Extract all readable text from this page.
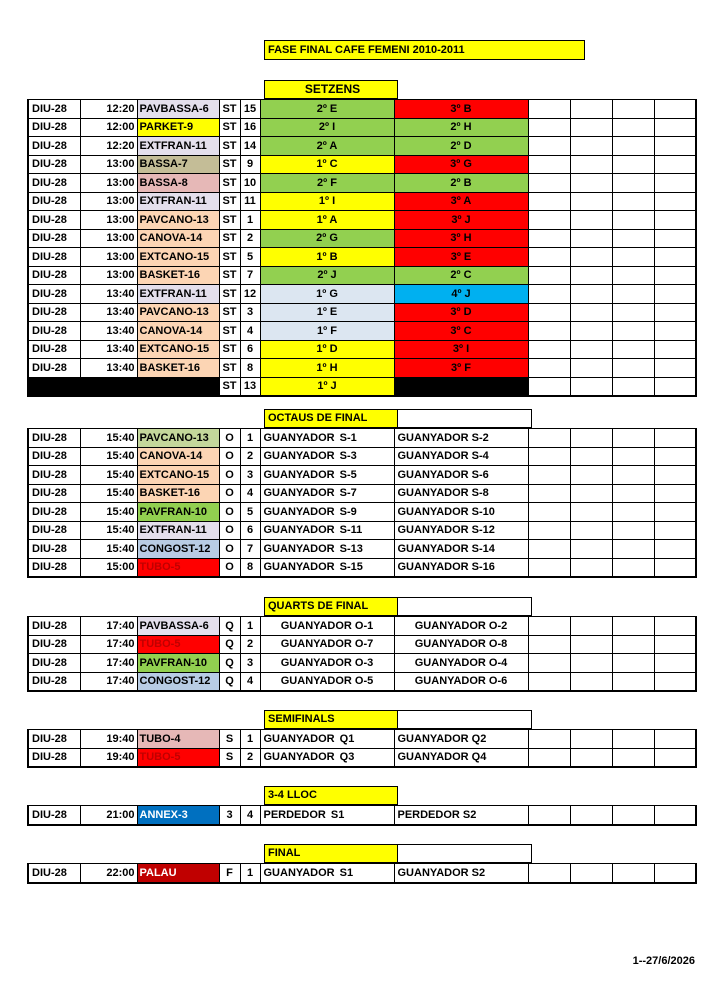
FASE FINAL CAFE FEMENI 2010-2011
SETZENS
DIU-28	12:20	PAVBASSA-6	ST	15	2º E	3º B				
DIU-28	12:00	PARKET-9	ST	16	2º I	2º H				
DIU-28	12:20	EXTFRAN-11	ST	14	2º A	2º D				
DIU-28	13:00	BASSA-7	ST	9	1º C	3º G				
DIU-28	13:00	BASSA-8	ST	10	2º F	2º B				
DIU-28	13:00	EXTFRAN-11	ST	11	1º I	3º A				
DIU-28	13:00	PAVCANO-13	ST	1	1º A	3º J				
DIU-28	13:00	CANOVA-14	ST	2	2º G	3º H				
DIU-28	13:00	EXTCANO-15	ST	5	1º B	3º E				
DIU-28	13:00	BASKET-16	ST	7	2º J	2º C				
DIU-28	13:40	EXTFRAN-11	ST	12	1º G	4º J				
DIU-28	13:40	PAVCANO-13	ST	3	1º E	3º D				
DIU-28	13:40	CANOVA-14	ST	4	1º F	3º C				
DIU-28	13:40	EXTCANO-15	ST	6	1º D	3º I				
DIU-28	13:40	BASKET-16	ST	8	1º H	3º F				
			ST	13	1º J					
OCTAUS DE FINAL
DIU-28	15:40	PAVCANO-13	O	1	GUANYADOR S-1	GUANYADOR S-2				
DIU-28	15:40	CANOVA-14	O	2	GUANYADOR S-3	GUANYADOR S-4				
DIU-28	15:40	EXTCANO-15	O	3	GUANYADOR S-5	GUANYADOR S-6				
DIU-28	15:40	BASKET-16	O	4	GUANYADOR S-7	GUANYADOR S-8				
DIU-28	15:40	PAVFRAN-10	O	5	GUANYADOR S-9	GUANYADOR S-10				
DIU-28	15:40	EXTFRAN-11	O	6	GUANYADOR S-11	GUANYADOR S-12				
DIU-28	15:40	CONGOST-12	O	7	GUANYADOR S-13	GUANYADOR S-14				
DIU-28	15:00	TUBO-5	O	8	GUANYADOR S-15	GUANYADOR S-16				
QUARTS DE FINAL
DIU-28	17:40	PAVBASSA-6	Q	1	GUANYADOR O-1	GUANYADOR O-2				
DIU-28	17:40	TUBO-5	Q	2	GUANYADOR O-7	GUANYADOR O-8				
DIU-28	17:40	PAVFRAN-10	Q	3	GUANYADOR O-3	GUANYADOR O-4				
DIU-28	17:40	CONGOST-12	Q	4	GUANYADOR O-5	GUANYADOR O-6				
SEMIFINALS
DIU-28	19:40	TUBO-4	S	1	GUANYADOR Q1	GUANYADOR Q2				
DIU-28	19:40	TUBO-5	S	2	GUANYADOR Q3	GUANYADOR Q4				
3-4 LLOC
DIU-28	21:00	ANNEX-3	3	4	PERDEDOR S1	PERDEDOR S2				
FINAL
DIU-28	22:00	PALAU	F	1	GUANYADOR S1	GUANYADOR S2				
1--27/6/2026
